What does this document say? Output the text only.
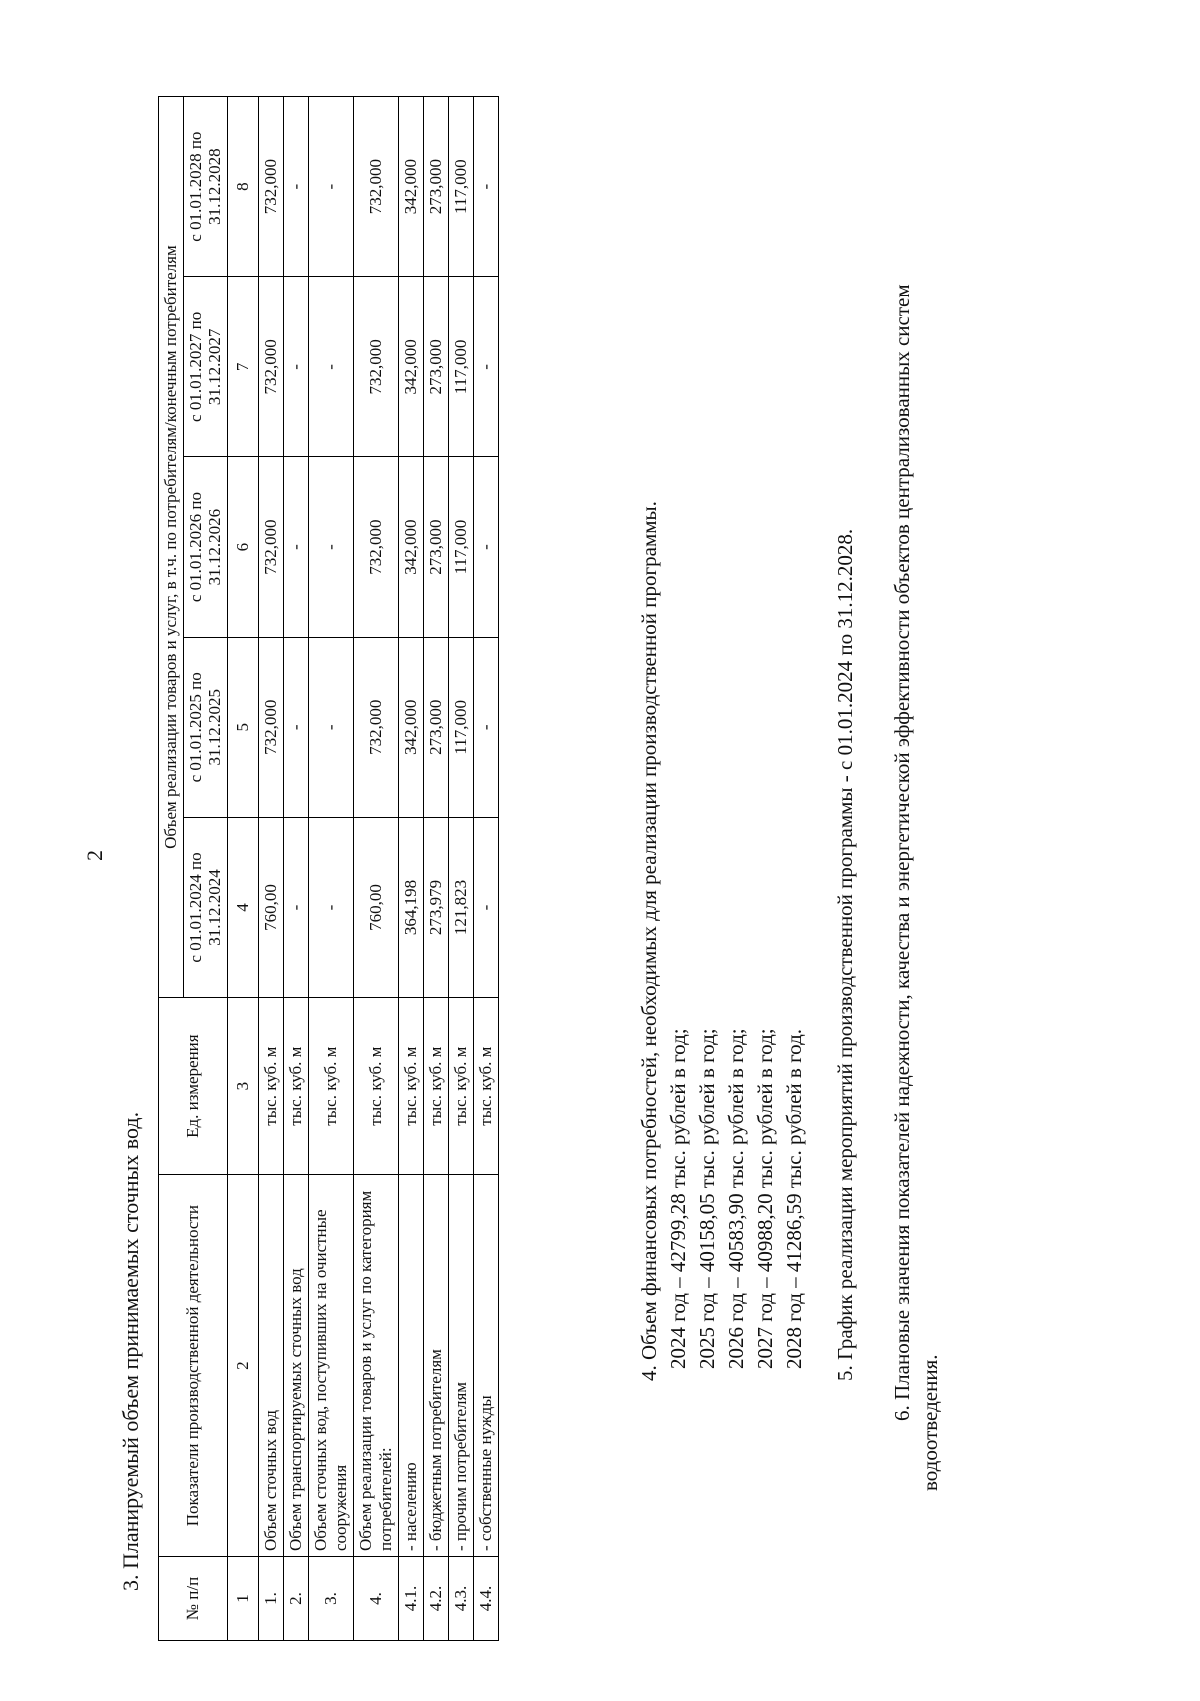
2
3. Планируемый объем принимаемых сточных вод.
№ п/п	Показатели производственной деятельности	Ед. измерения	Объем реализации товаров и услуг, в т.ч. по потребителям/конечным потребителям				
			с 01.01.2024 по 31.12.2024	с 01.01.2025 по 31.12.2025	с 01.01.2026 по 31.12.2026	с 01.01.2027 по 31.12.2027	с 01.01.2028 по 31.12.2028
1	2	3	4	5	6	7	8
1.	Объем сточных вод	тыс. куб. м	760,00	732,000	732,000	732,000	732,000
2.	Объем транспортируемых сточных вод	тыс. куб. м	-	-	-	-	-
3.	Объем сточных вод, поступивших на очистные сооружения	тыс. куб. м	-	-	-	-	-
4.	Объем реализации товаров и услуг по категориям потребителей:	тыс. куб. м	760,00	732,000	732,000	732,000	732,000
4.1.	- населению	тыс. куб. м	364,198	342,000	342,000	342,000	342,000
4.2.	- бюджетным потребителям	тыс. куб. м	273,979	273,000	273,000	273,000	273,000
4.3.	- прочим потребителям	тыс. куб. м	121,823	117,000	117,000	117,000	117,000
4.4.	- собственные нужды	тыс. куб. м	-	-	-	-	-
4. Объем финансовых потребностей, необходимых для реализации производственной программы. 2024 год – 42799,28 тыс. рублей в год; 2025 год – 40158,05 тыс. рублей в год; 2026 год – 40583,90 тыс. рублей в год; 2027 год – 40988,20 тыс. рублей в год; 2028 год – 41286,59 тыс. рублей в год. 5. График реализации мероприятий производственной программы - с 01.01.2024 по 31.12.2028. 6. Плановые значения показателей надежности, качества и энергетической эффективности объектов централизованных систем водоотведения.
